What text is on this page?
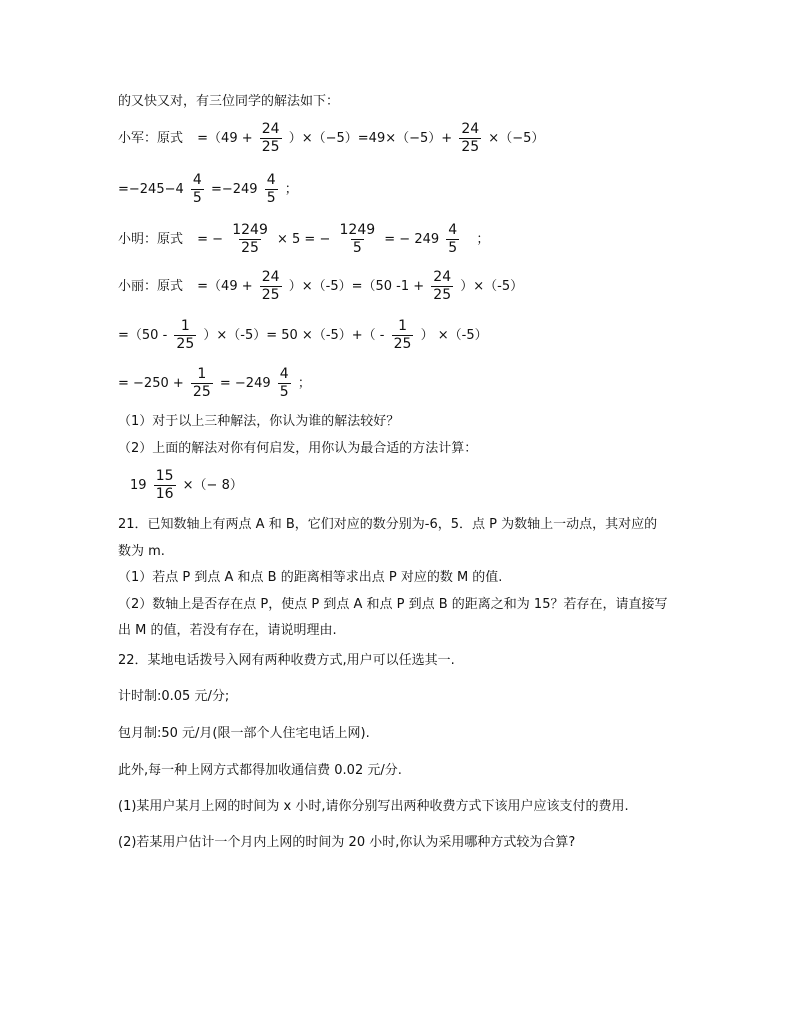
的又快又对，有三位同学的解法如下：
小军：原式 $=(49 + \frac{24}{25} )\times(-5)=49\times(-5)+ \frac{24}{25} \times(-5)$
$=-245-4 \frac{4}{5} =-249 \frac{4}{5}$ ；
小明：原式 = − $\frac{1249}{25} \times 5$ = − $\frac{1249}{5}$ = − $249 \frac{4}{5}$ ；
小丽：原式 $=(49 + \frac{24}{25} )\times(-5)=(50$ $-1 + \frac{24}{25} )\times(-5)$
$=(50 - \frac{1}{25} )\times(-5)= 50 \times(-5)+( - \frac{1}{25}$ ） ×（-5）
= $-250 + \frac{1}{25} = -249 \frac{4}{5}$ ；
（1）对于以上三种解法，你认为谁的解法较好？
（2）上面的解法对你有何启发，用你认为最合适的方法计算：
$19 \frac{15}{16}$ ×（− 8）
21．已知数轴上有两点 A 和 B，它们对应的数分别为-6，5．点 P 为数轴上一动点，其对应的
数为 m.
（1）若点 P 到点 A 和点 B 的距离相等求出点 P 对应的数 M 的值.
（2）数轴上是否存在点 P，使点 P 到点 A 和点 P 到点 B 的距离之和为 15？若存在，请直接写
出 M 的值，若没有存在，请说明理由.
22．某地电话拨号入网有两种收费方式,用户可以任选其一.
计时制:0.05 元/分;
包月制:50 元/月(限一部个人住宅电话上网).
此外,每一种上网方式都得加收通信费 0.02 元/分.
(1)某用户某月上网的时间为 x 小时,请你分别写出两种收费方式下该用户应该支付的费用.
(2)若某用户估计一个月内上网的时间为 20 小时,你认为采用哪种方式较为合算?
